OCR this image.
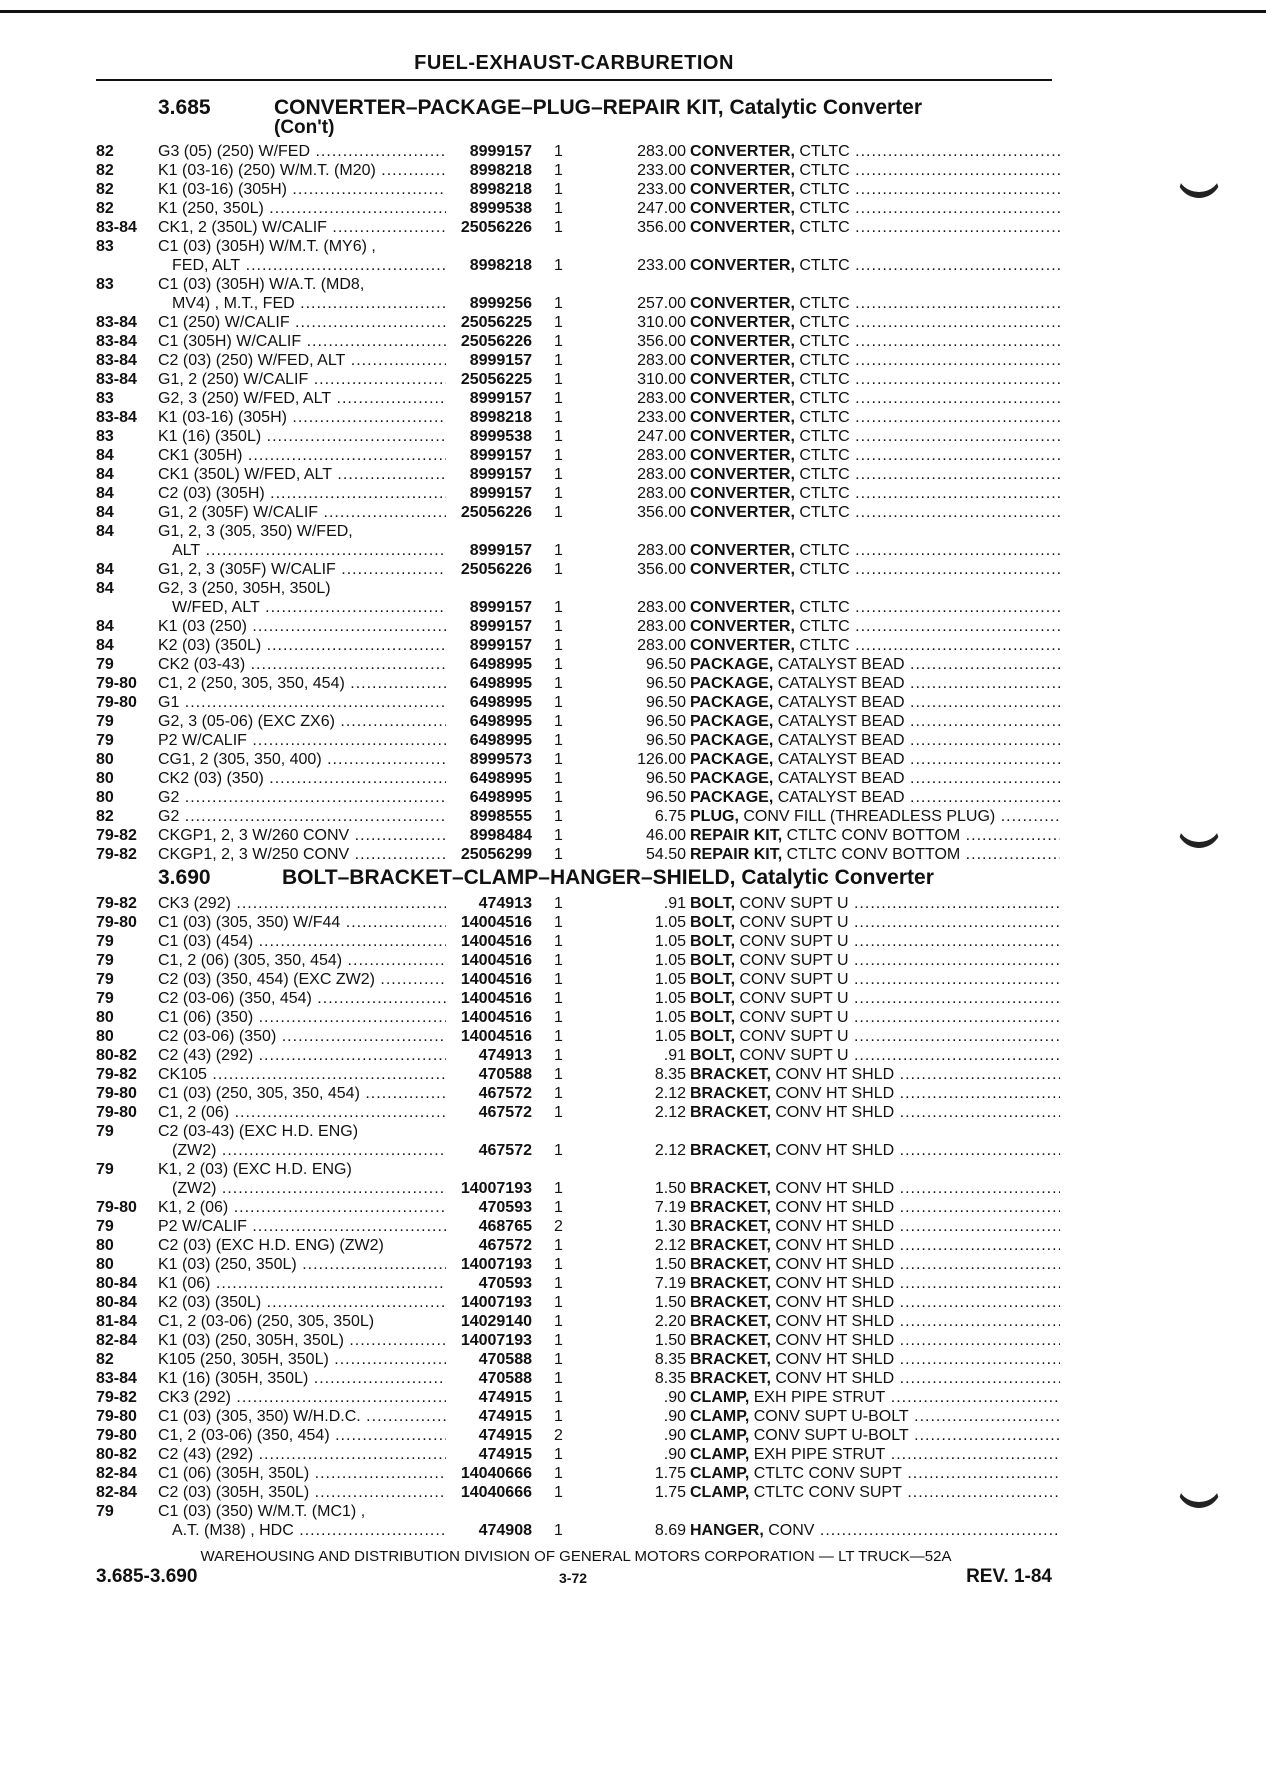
FUEL-EXHAUST-CARBURETION
3.685	CONVERTER–PACKAGE–PLUG–REPAIR KIT, Catalytic Converter
(Con't)
82	G3 (05) (250) W/FED .....	8999157 1	283.00 CONVERTER, CTLTC .....
82	K1 (03-16) (250) W/M.T. (M20) .....	8998218 1	233.00 CONVERTER, CTLTC .....
82	K1 (03-16) (305H) .....	8998218 1	233.00 CONVERTER, CTLTC .....
82	K1 (250, 350L) .....	8999538 1	247.00 CONVERTER, CTLTC .....
83-84 CK1, 2 (350L) W/CALIF .....	25056226 1	356.00 CONVERTER, CTLTC .....
83	C1 (03) (305H) W/M.T. (MY6) ,
FED, ALT .....	8998218 1	233.00 CONVERTER, CTLTC .....
83	C1 (03) (305H) W/A.T. (MD8,
MV4) , M.T., FED .....	8999256 1	257.00 CONVERTER, CTLTC .....
83-84 C1 (250) W/CALIF .....	25056225 1	310.00 CONVERTER, CTLTC .....
83-84 C1 (305H) W/CALIF .....	25056226 1	356.00 CONVERTER, CTLTC .....
83-84 C2 (03) (250) W/FED, ALT .....	8999157 1	283.00 CONVERTER, CTLTC .....
83-84 G1, 2 (250) W/CALIF .....	25056225 1	310.00 CONVERTER, CTLTC .....
83	G2, 3 (250) W/FED, ALT .....	8999157 1	283.00 CONVERTER, CTLTC .....
83-84 K1 (03-16) (305H) .....	8998218 1	233.00 CONVERTER, CTLTC .....
83	K1 (16) (350L) .....	8999538 1	247.00 CONVERTER, CTLTC .....
84	CK1 (305H) .....	8999157 1	283.00 CONVERTER, CTLTC .....
84	CK1 (350L) W/FED, ALT .....	8999157 1	283.00 CONVERTER, CTLTC .....
84	C2 (03) (305H) .....	8999157 1	283.00 CONVERTER, CTLTC .....
84	G1, 2 (305F) W/CALIF .....	25056226 1	356.00 CONVERTER, CTLTC .....
84	G1, 2, 3 (305, 350) W/FED,
ALT .....	8999157 1	283.00 CONVERTER, CTLTC .....
84	G1, 2, 3 (305F) W/CALIF .....	25056226 1	356.00 CONVERTER, CTLTC .....
84	G2, 3 (250, 305H, 350L)
W/FED, ALT .....	8999157 1	283.00 CONVERTER, CTLTC .....
84	K1 (03 (250) .....	8999157 1	283.00 CONVERTER, CTLTC .....
84	K2 (03) (350L) .....	8999157 1	283.00 CONVERTER, CTLTC .....
79	CK2 (03-43) .....	6498995 1	96.50 PACKAGE, CATALYST BEAD .....
79-80 C1, 2 (250, 305, 350, 454) .....	6498995 1	96.50 PACKAGE, CATALYST BEAD .....
79-80 G1 .....	6498995 1	96.50 PACKAGE, CATALYST BEAD .....
79	G2, 3 (05-06) (EXC ZX6) .....	6498995 1	96.50 PACKAGE, CATALYST BEAD .....
79	P2 W/CALIF .....	6498995 1	96.50 PACKAGE, CATALYST BEAD .....
80	CG1, 2 (305, 350, 400) .....	8999573 1	126.00 PACKAGE, CATALYST BEAD .....
80	CK2 (03) (350) .....	6498995 1	96.50 PACKAGE, CATALYST BEAD .....
80	G2 .....	6498995 1	96.50 PACKAGE, CATALYST BEAD .....
82	G2 .....	8998555 1	6.75 PLUG, CONV FILL (THREADLESS PLUG) .....
79-82 CKGP1, 2, 3 W/260 CONV .....	8998484 1	46.00 REPAIR KIT, CTLTC CONV BOTTOM .....
79-82 CKGP1, 2, 3 W/250 CONV .....	25056299 1	54.50 REPAIR KIT, CTLTC CONV BOTTOM .....
3.690	BOLT–BRACKET–CLAMP–HANGER–SHIELD, Catalytic Converter
79-82 CK3 (292) .....	474913 1	.91 BOLT, CONV SUPT U .....
79-80 C1 (03) (305, 350) W/F44 .....	14004516 1	1.05 BOLT, CONV SUPT U .....
79	C1 (03) (454) .....	14004516 1	1.05 BOLT, CONV SUPT U .....
79	C1, 2 (06) (305, 350, 454) .....	14004516 1	1.05 BOLT, CONV SUPT U .....
79	C2 (03) (350, 454) (EXC ZW2) .....	14004516 1	1.05 BOLT, CONV SUPT U .....
79	C2 (03-06) (350, 454) .....	14004516 1	1.05 BOLT, CONV SUPT U .....
80	C1 (06) (350) .....	14004516 1	1.05 BOLT, CONV SUPT U .....
80	C2 (03-06) (350) .....	14004516 1	1.05 BOLT, CONV SUPT U .....
80-82 C2 (43) (292) .....	474913 1	.91 BOLT, CONV SUPT U .....
79-82 CK105 .....	470588 1	8.35 BRACKET, CONV HT SHLD .....
79-80 C1 (03) (250, 305, 350, 454) .....	467572 1	2.12 BRACKET, CONV HT SHLD .....
79-80 C1, 2 (06) .....	467572 1	2.12 BRACKET, CONV HT SHLD .....
79	C2 (03-43) (EXC H.D. ENG)
(ZW2) .....	467572 1	2.12 BRACKET, CONV HT SHLD .....
79	K1, 2 (03) (EXC H.D. ENG)
(ZW2) .....	14007193 1	1.50 BRACKET, CONV HT SHLD .....
79-80 K1, 2 (06) .....	470593 1	7.19 BRACKET, CONV HT SHLD .....
79	P2 W/CALIF .....	468765 2	1.30 BRACKET, CONV HT SHLD .....
80	C2 (03) (EXC H.D. ENG) (ZW2)	467572 1	2.12 BRACKET, CONV HT SHLD .....
80	K1 (03) (250, 350L) .....	14007193 1	1.50 BRACKET, CONV HT SHLD .....
80-84 K1 (06) .....	470593 1	7.19 BRACKET, CONV HT SHLD .....
80-84 K2 (03) (350L) .....	14007193 1	1.50 BRACKET, CONV HT SHLD .....
81-84 C1, 2 (03-06) (250, 305, 350L)	14029140 1	2.20 BRACKET, CONV HT SHLD .....
82-84 K1 (03) (250, 305H, 350L) .....	14007193 1	1.50 BRACKET, CONV HT SHLD .....
82	K105 (250, 305H, 350L) .....	470588 1	8.35 BRACKET, CONV HT SHLD .....
83-84 K1 (16) (305H, 350L) .....	470588 1	8.35 BRACKET, CONV HT SHLD .....
79-82 CK3 (292) .....	474915 1	.90 CLAMP, EXH PIPE STRUT .....
79-80 C1 (03) (305, 350) W/H.D.C. .....	474915 1	.90 CLAMP, CONV SUPT U-BOLT .....
79-80 C1, 2 (03-06) (350, 454) .....	474915 2	.90 CLAMP, CONV SUPT U-BOLT .....
80-82 C2 (43) (292) .....	474915 1	.90 CLAMP, EXH PIPE STRUT .....
82-84 C1 (06) (305H, 350L) .....	14040666 1	1.75 CLAMP, CTLTC CONV SUPT .....
82-84 C2 (03) (305H, 350L) .....	14040666 1	1.75 CLAMP, CTLTC CONV SUPT .....
79	C1 (03) (350) W/M.T. (MC1) ,
A.T. (M38) , HDC .....	474908 1	8.69 HANGER, CONV .....
WAREHOUSING AND DISTRIBUTION DIVISION OF GENERAL MOTORS CORPORATION — LT TRUCK—52A
3.685-3.690	3-72	REV. 1-84
